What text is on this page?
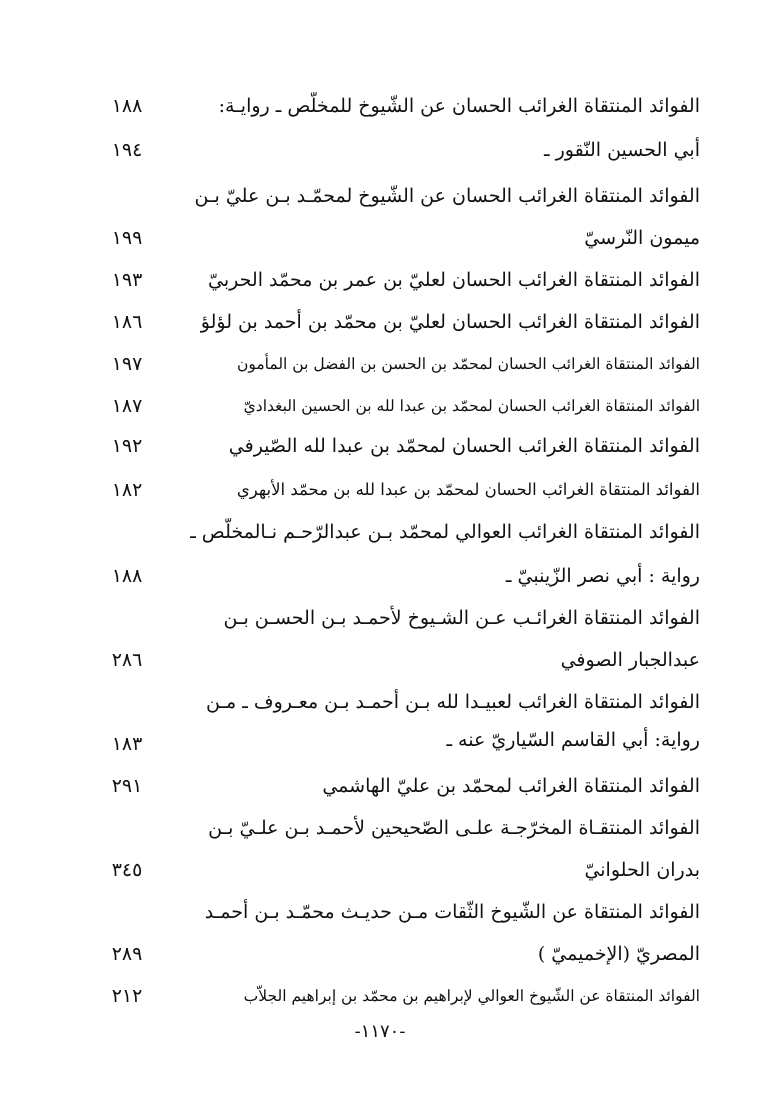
الفوائد المنتقاة الغرائب الحسان عن الشّيوخ للمخلّص ـ روايـة:
١٨٨
أبي الحسين النّقور ـ
١٩٤
الفوائد المنتقاة الغرائب الحسان عن الشّيوخ لمحمّـد بـن عليّ بـن
ميمون النّرسيّ
١٩٩
الفوائد المنتقاة الغرائب الحسان لعليّ بن عمر بن محمّد الحربيّ
١٩٣
الفوائد المنتقاة الغرائب الحسان لعليّ بن محمّد بن أحمد بن لؤلؤ
١٨٦
الفوائد المنتقاة الغرائب الحسان لمحمّد بن الحسن بن الفضل بن المأمون
١٩٧
الفوائد المنتقاة الغرائب الحسان لمحمّد بن عبدا لله بن الحسين البغداديّ
١٨٧
الفوائد المنتقاة الغرائب الحسان لمحمّد بن عبدا لله الصّيرفي
١٩٢
الفوائد المنتقاة الغرائب الحسان لمحمّد بن عبدا لله بن محمّد الأبهري
١٨٢
الفوائد المنتقاة الغرائب العوالي لمحمّد بـن عبدالرّحـم نـالمخلّص ـ
رواية : أبي نصر الزّينبيّ ـ
١٨٨
الفوائد المنتقاة الغرائـب عـن الشـيوخ لأحمـد بـن الحسـن بـن
عبدالجبار الصوفي
٢٨٦
الفوائد المنتقاة الغرائب لعبيـدا لله بـن أحمـد بـن معـروف ـ مـن
رواية: أبي القاسم السّياريّ عنه ـ
١٨٣
الفوائد المنتقاة الغرائب لمحمّد بن عليّ الهاشمي
٢٩١
الفوائد المنتقـاة المخرّجـة علـى الصّحيحين لأحمـد بـن علـيّ بـن
بدران الحلوانيّ
٣٤٥
الفوائد المنتقاة عن الشّيوخ الثّقات مـن حديـث محمّـد بـن أحمـد
المصريّ (الإخميميّ )
٢٨٩
الفوائد المنتقاة عن الشّيوخ العوالي لإبراهيم بن محمّد بن إبراهيم الجلاّب
٢١٢
-١١٧٠-
